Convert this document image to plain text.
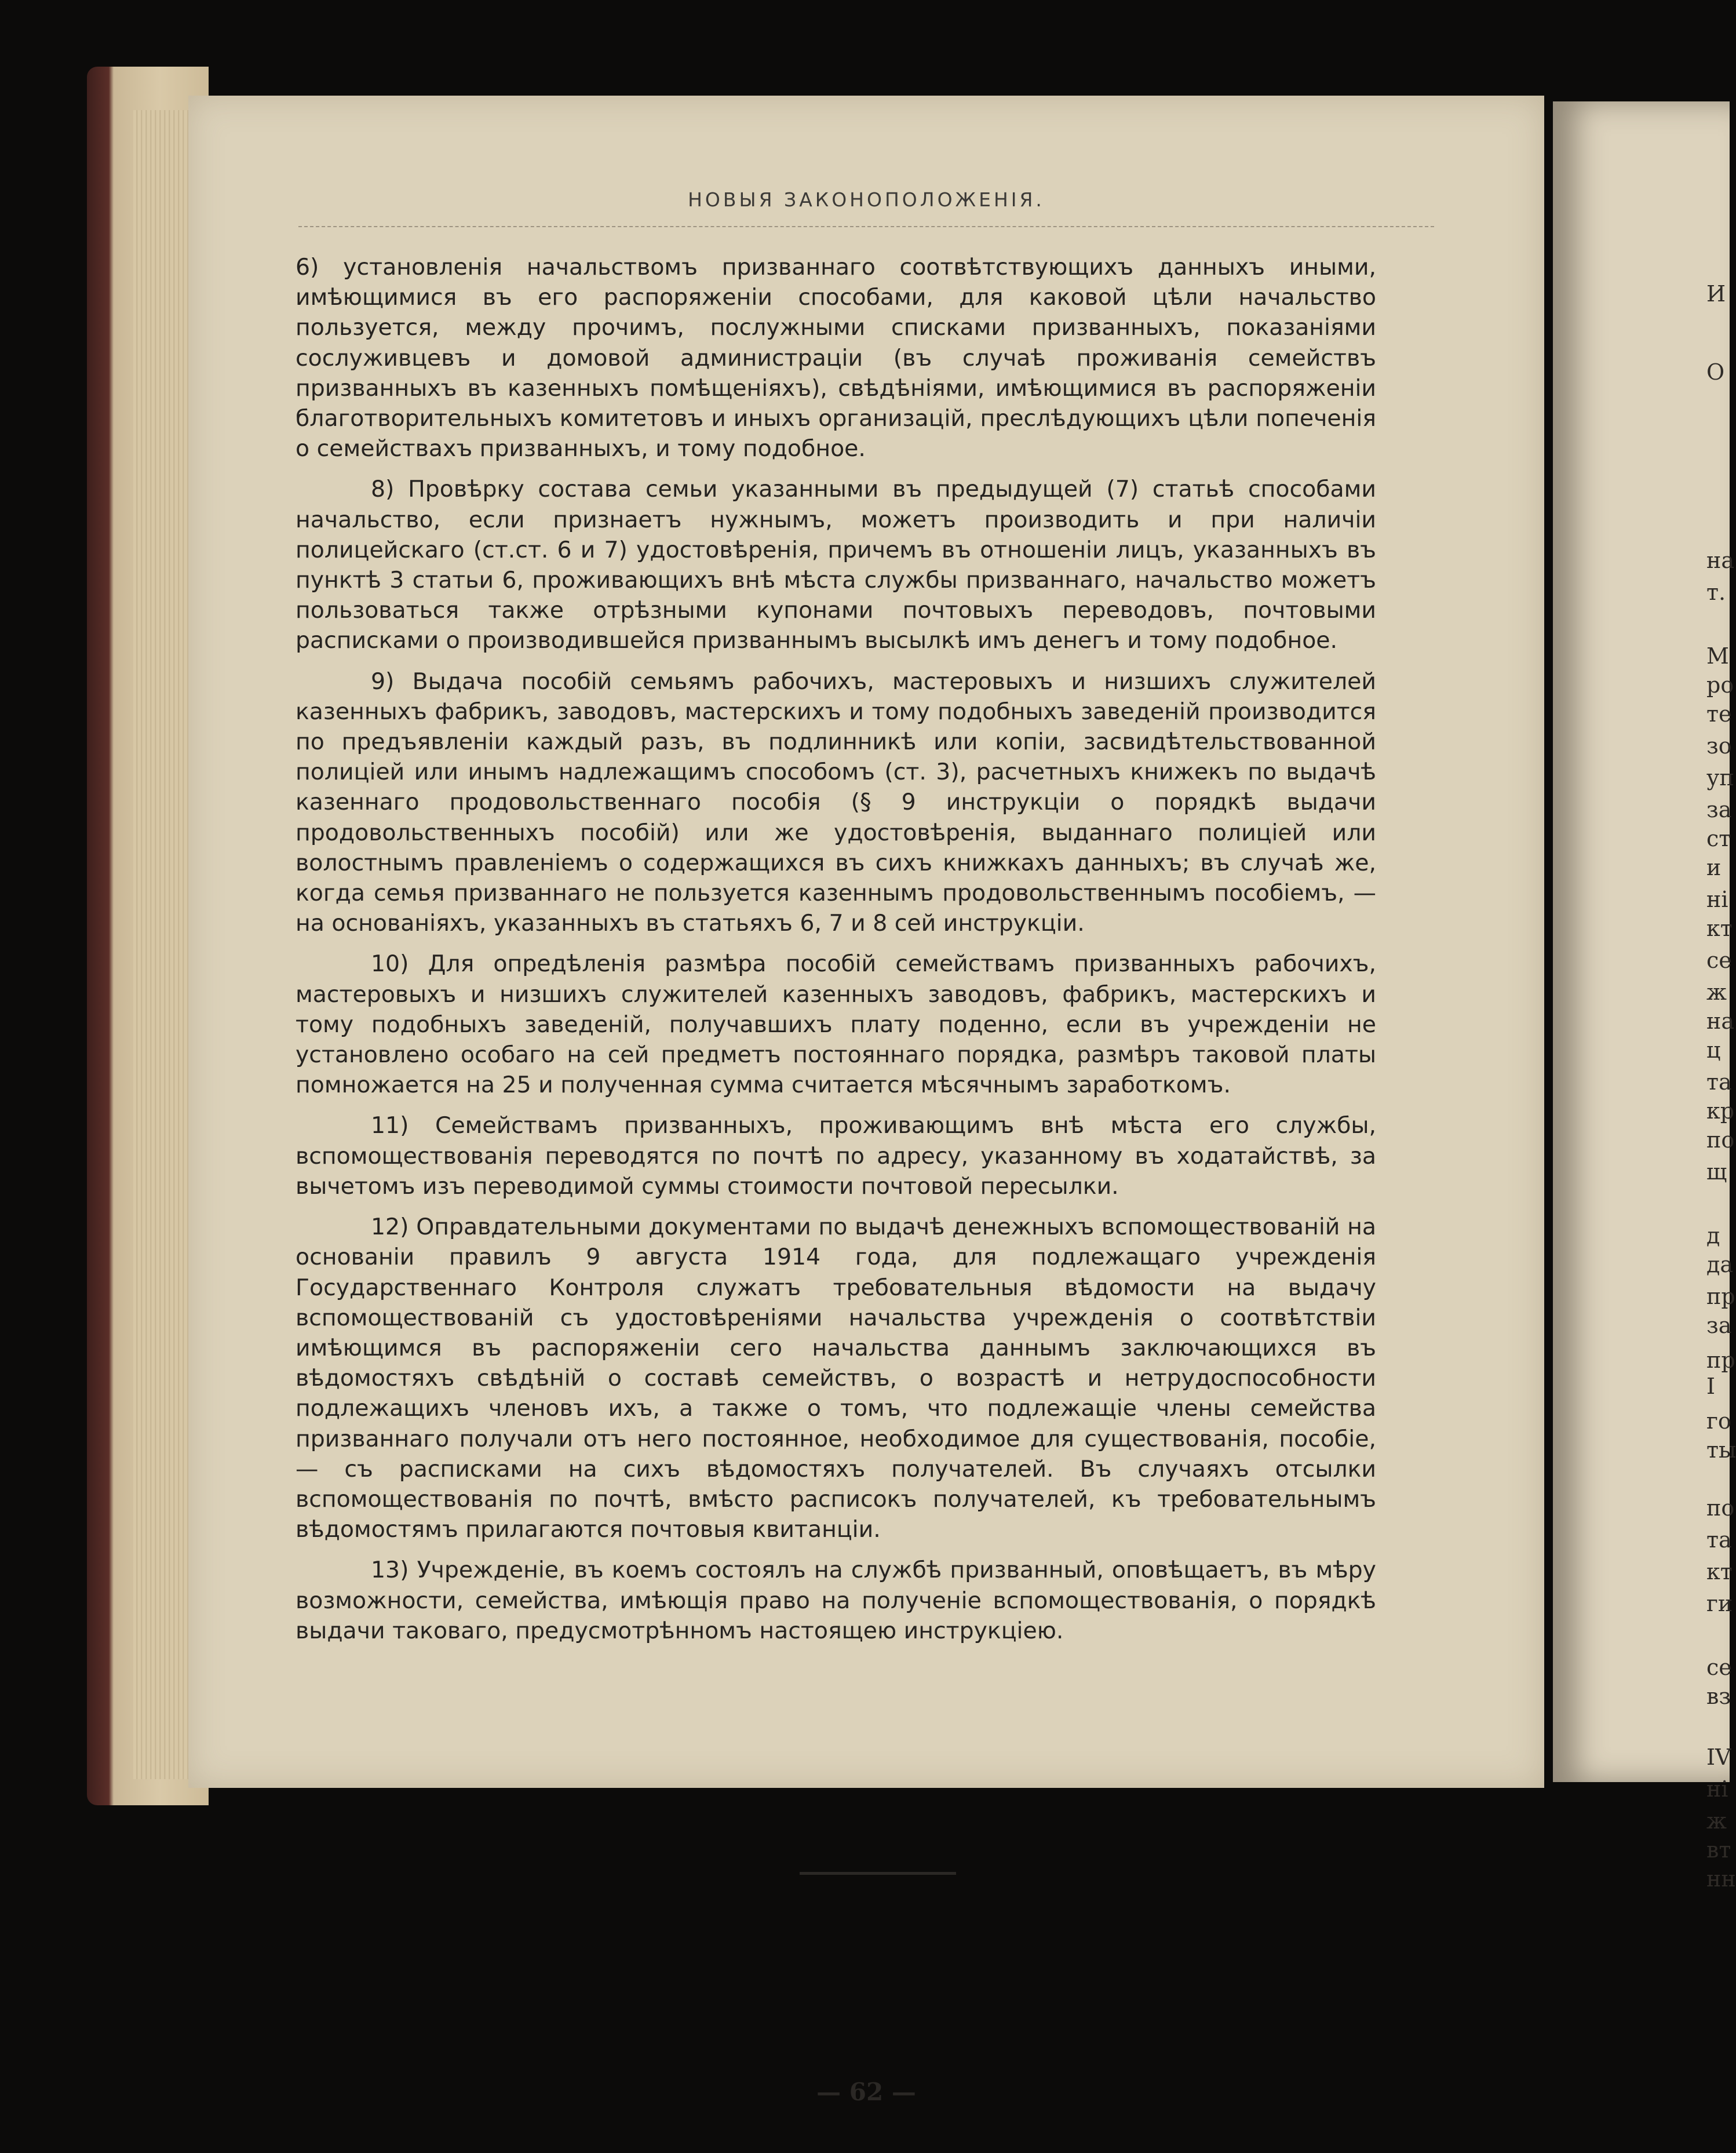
И
О
на
т.
М
ро
те
зо
уп
за
ст
и
ні
кт
се
ж
на
ц
та
кр
по
щ
д
да
пр
за
пр
I
го
ты
по
та
кт
ги
се
вз
IV
ні
ж
вт
нн
НОВЫЯ ЗАКОНОПОЛОЖЕНІЯ.

6) установленія начальствомъ призваннаго соотвѣтствующихъ данныхъ иными, имѣющимися въ его распоряженіи способами, для каковой цѣли начальство пользуется, между прочимъ, послужными списками призванныхъ, показаніями сослуживцевъ и домовой администраціи (въ случаѣ проживанія семействъ призванныхъ въ казенныхъ помѣщеніяхъ), свѣдѣніями, имѣющимися въ распоряженіи благотворительныхъ комитетовъ и иныхъ организацій, преслѣдующихъ цѣли попеченія о семействахъ призванныхъ, и тому подобное.

8) Провѣрку состава семьи указанными въ предыдущей (7) статьѣ способами начальство, если признаетъ нужнымъ, можетъ производить и при наличіи полицейскаго (ст.ст. 6 и 7) удостовѣренія, причемъ въ отношеніи лицъ, указанныхъ въ пунктѣ 3 статьи 6, проживающихъ внѣ мѣста службы призваннаго, начальство можетъ пользоваться также отрѣзными купонами почтовыхъ переводовъ, почтовыми расписками о производившейся призваннымъ высылкѣ имъ денегъ и тому подобное.

9) Выдача пособій семьямъ рабочихъ, мастеровыхъ и низшихъ служителей казенныхъ фабрикъ, заводовъ, мастерскихъ и тому подобныхъ заведеній производится по предъявленіи каждый разъ, въ подлинникѣ или копіи, засвидѣтельствованной полиціей или инымъ надлежащимъ способомъ (ст. 3), расчетныхъ книжекъ по выдачѣ казеннаго продовольственнаго пособія (§ 9 инструкціи о порядкѣ выдачи продовольственныхъ пособій) или же удостовѣренія, выданнаго полиціей или волостнымъ правленіемъ о содержащихся въ сихъ книжкахъ данныхъ; въ случаѣ же, когда семья призваннаго не пользуется казеннымъ продовольственнымъ пособіемъ, — на основаніяхъ, указанныхъ въ статьяхъ 6, 7 и 8 сей инструкціи.

10) Для опредѣленія размѣра пособій семействамъ призванныхъ рабочихъ, мастеровыхъ и низшихъ служителей казенныхъ заводовъ, фабрикъ, мастерскихъ и тому подобныхъ заведеній, получавшихъ плату поденно, если въ учрежденіи не установлено особаго на сей предметъ постояннаго порядка, размѣръ таковой платы помножается на 25 и полученная сумма считается мѣсячнымъ заработкомъ.

11) Семействамъ призванныхъ, проживающимъ внѣ мѣста его службы, вспомоществованія переводятся по почтѣ по адресу, указанному въ ходатайствѣ, за вычетомъ изъ переводимой суммы стоимости почтовой пересылки.

12) Оправдательными документами по выдачѣ денежныхъ вспомоществованій на основаніи правилъ 9 августа 1914 года, для подлежащаго учрежденія Государственнаго Контроля служатъ требовательныя вѣдомости на выдачу вспомоществованій съ удостовѣреніями начальства учрежденія о соотвѣтствіи имѣющимся въ распоряженіи сего начальства даннымъ заключающихся въ вѣдомостяхъ свѣдѣній о составѣ семействъ, о возрастѣ и нетрудоспособности подлежащихъ членовъ ихъ, а также о томъ, что подлежащіе члены семейства призваннаго получали отъ него постоянное, необходимое для существованія, пособіе, — съ расписками на сихъ вѣдомостяхъ получателей. Въ случаяхъ отсылки вспомоществованія по почтѣ, вмѣсто расписокъ получателей, къ требовательнымъ вѣдомостямъ прилагаются почтовыя квитанціи.

13) Учрежденіе, въ коемъ состоялъ на службѣ призванный, оповѣщаетъ, въ мѣру возможности, семейства, имѣющія право на полученіе вспомоществованія, о порядкѣ выдачи таковаго, предусмотрѣнномъ настоящею инструкціею.

— 62 —
